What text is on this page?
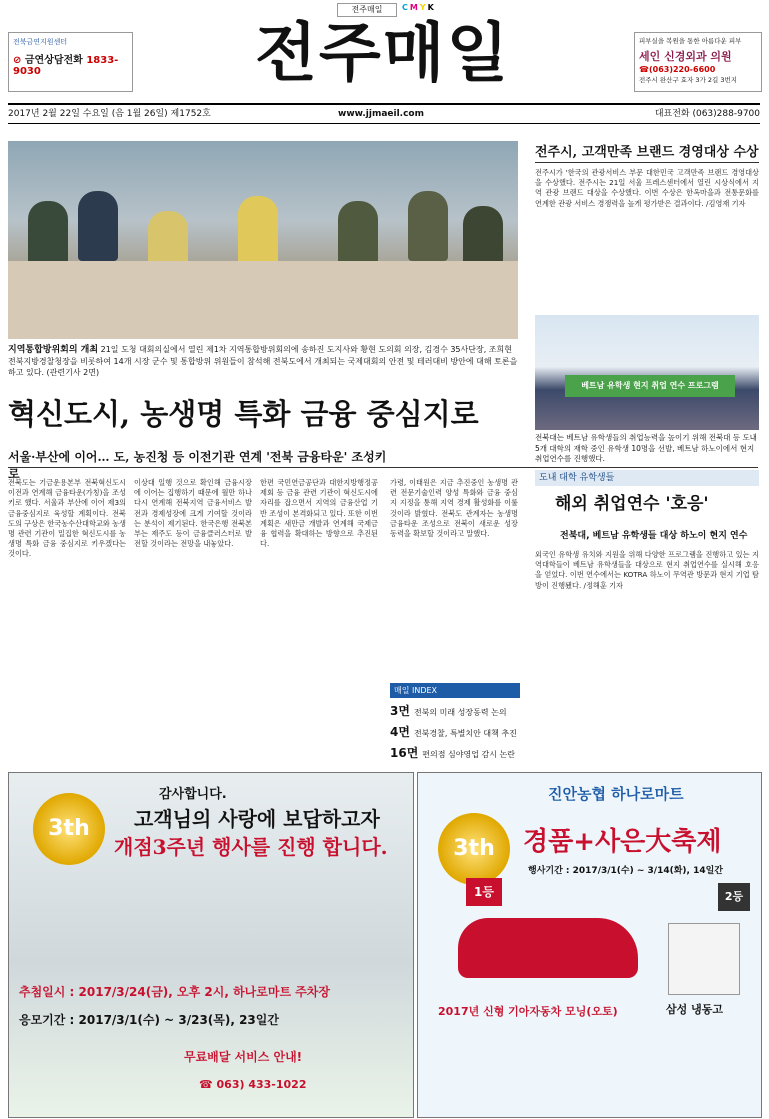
전주매일	C M Y K
전북금연지원센터
⊘ 금연상담전화 1833-9030	전주매일	피부실을 복원을 통한 아름다운 피부
세인 신경외과 의원
☎(063)220-6600
전주시 완산구 효자 3가 2길 3번지
2017년 2월 22일 수요일 (음 1월 26일) 제1752호	www.jjmaeil.com	대표전화 (063)288-9700
지역통합방위회의 개최 21일 도청 대회의실에서 열린 제1차 지역통합방위회의에 송하진 도지사와 황현 도의회 의장, 김경수 35사단장, 조희현 전북지방경찰청장을 비롯하여 14개 시장 군수 및 통합방위 위원들이 참석해 전북도에서 개최되는 국제대회의 안전 및 테러대비 방안에 대해 토론을 하고 있다. (관련기사 2면)
혁신도시, 농생명 특화 금융 중심지로
서울·부산에 이어… 도, 농진청 등 이전기관 연계 '전북 금융타운' 조성키로
전북도는 기금운용본부 전북혁신도시 이전과 연계해 금융타운(가칭)을 조성키로 했다. 서울과 부산에 이어 제3의 금융중심지로 육성할 계획이다. 전북도의 구상은 한국농수산대학교와 농생명 관련 기관이 밀집한 혁신도시를 농생명 특화 금융 중심지로 키우겠다는 것이다.
이상대 일행 것으로 확인해 금융시장에 이어는 집행하기 때문에 월만 하나 다시 연계해 전북지역 금융서비스 발전과 경제성장에 크게 기여할 것이라는 분석이 제기된다. 한국은행 전북본부는 제주도 등이 금융클러스터로 발전할 것이라는 전망을 내놓았다.
한편 국민연금공단과 대한지방행정공제회 등 금융 관련 기관이 혁신도시에 자리를 잡으면서 지역의 금융산업 기반 조성이 본격화되고 있다. 또한 이번 계획은 새만금 개발과 연계해 국제금융 협력을 확대하는 방향으로 추진된다.
가령, 이태원은 지금 추진중인 농생명 관련 전문기술인력 양성 특화와 금융 중심지 지정을 통해 지역 경제 활성화를 이룰 것이라 밝혔다. 전북도 관계자는 농생명 금융타운 조성으로 전북이 새로운 성장 동력을 확보할 것이라고 말했다.
매일 INDEX
3면 전북의 미래 성장동력 논의
4면 전북경찰, 특별치안 대책 추진
16면 편의점 심야영업 감시 논란
전주시, 고객만족 브랜드 경영대상 수상
전주시가 '한국의 관광서비스 부문 대한민국 고객만족 브랜드 경영대상을 수상했다. 전주시는 21일 서울 프레스센터에서 열린 시상식에서 지역 관광 브랜드 대상을 수상했다. 이번 수상은 한옥마을과 전통문화를 연계한 관광 서비스 경쟁력을 높게 평가받은 결과이다. /김영재 기자
베트남 유학생 현지 취업 연수 프로그램
전북대는 베트남 유학생들의 취업능력을 높이기 위해 전북대 등 도내 5개 대학의 재학 중인 유학생 10명을 선발, 베트남 하노이에서 현지 취업연수를 진행했다.
도내 대학 유학생들
해외 취업연수 '호응'
전북대, 베트남 유학생들 대상 하노이 현지 연수
외국인 유학생 유치와 지원을 위해 다양한 프로그램을 진행하고 있는 지역대학들이 베트남 유학생들을 대상으로 현지 취업연수를 실시해 호응을 얻었다. 이번 연수에서는 KOTRA 하노이 무역관 방문과 현지 기업 탐방이 진행됐다. /정해훈 기자
3th
감사합니다.
고객님의 사랑에 보답하고자
개점3주년 행사를 진행 합니다.
추첨일시 : 2017/3/24(금), 오후 2시, 하나로마트 주차장
응모기간 : 2017/3/1(수) ~ 3/23(목), 23일간
무료배달 서비스 안내!
☎ 063) 433-1022
진안농협 하나로마트
3th	경품+사은大축제
행사기간 : 2017/3/1(수) ~ 3/14(화), 14일간
1등	2등
2017년 신형 기아자동차 모닝(오토)	삼성 냉동고
